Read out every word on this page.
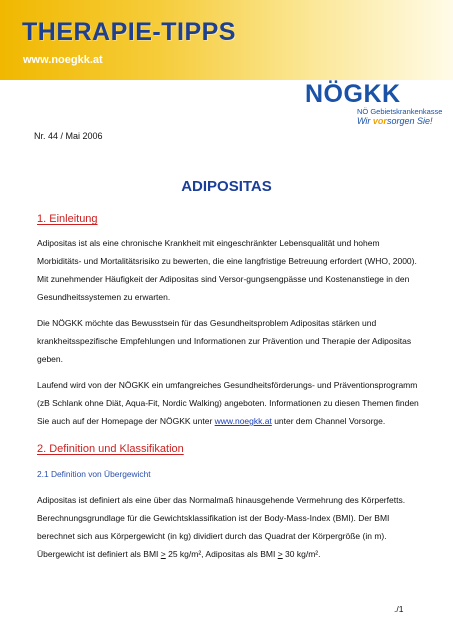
THERAPIE-TIPPS
www.noegkk.at
NÖGKK
NÖ Gebietskrankenkasse
Wir vorsorgen Sie!
Nr. 44 / Mai 2006
ADIPOSITAS
1. Einleitung

Adipositas ist als eine chronische Krankheit mit eingeschränkter Lebensqualität und hohem Morbiditäts- und Mortalitätsrisiko zu bewerten, die eine langfristige Betreuung erfordert (WHO, 2000). Mit zunehmender Häufigkeit der Adipositas sind Versor-gungsengpässe und Kostenanstiege in den Gesundheitssystemen zu erwarten.

Die NÖGKK möchte das Bewusstsein für das Gesundheitsproblem Adipositas stärken und krankheitsspezifische Empfehlungen und Informationen zur Prävention und Therapie der Adipositas geben.

Laufend wird von der NÖGKK ein umfangreiches Gesundheitsförderungs- und Präventionsprogramm (zB Schlank ohne Diät, Aqua-Fit, Nordic Walking) angeboten. Informationen zu diesen Themen finden Sie auch auf der Homepage der NÖGKK unter www.noegkk.at unter dem Channel Vorsorge.

2. Definition und Klassifikation
2.1 Definition von Übergewicht

Adipositas ist definiert als eine über das Normalmaß hinausgehende Vermehrung des Körperfetts. Berechnungsgrundlage für die Gewichtsklassifikation ist der Body-Mass-Index (BMI). Der BMI berechnet sich aus Körpergewicht (in kg) dividiert durch das Quadrat der Körpergröße (in m). Übergewicht ist definiert als BMI ≥ 25 kg/m², Adipositas als BMI ≥ 30 kg/m².

./1
